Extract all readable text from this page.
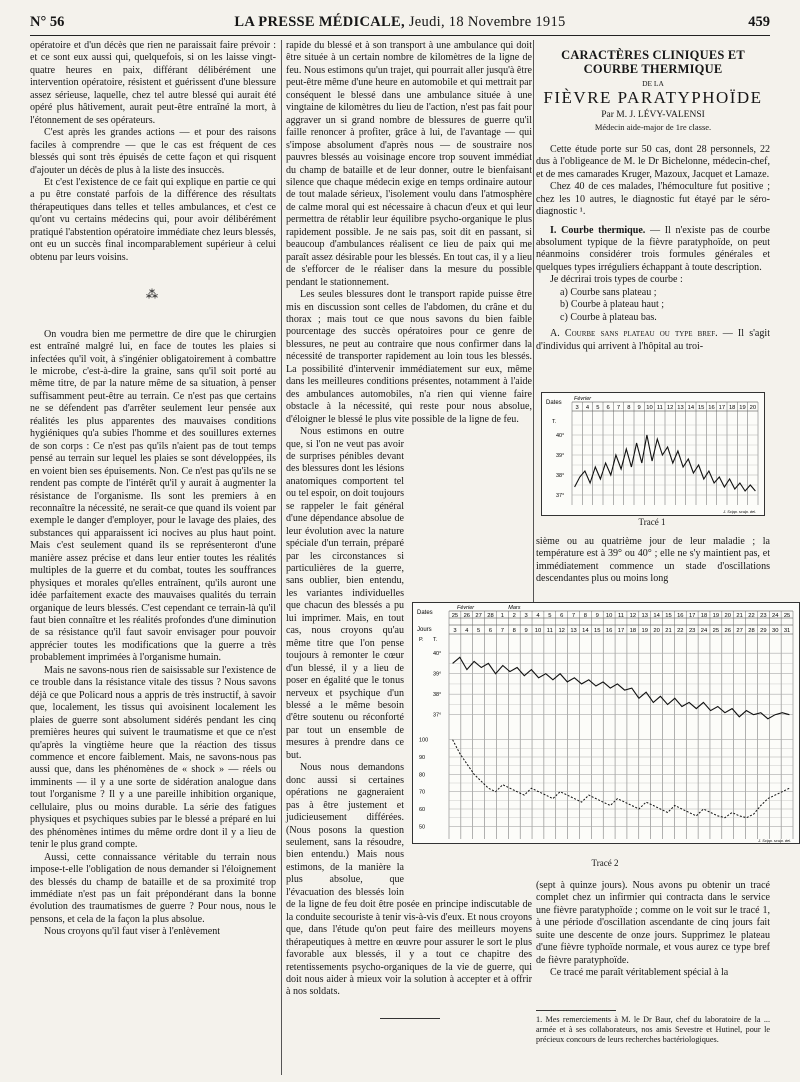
N° 56	LA PRESSE MÉDICALE, Jeudi, 18 Novembre 1915	459

opératoire et d'un décès que rien ne paraissait faire prévoir : et ce sont eux aussi qui, quelquefois, si on les laisse vingt-quatre heures en paix, différant délibérément une intervention opératoire, résistent et guérissent d'une blessure assez sérieuse, laquelle, chez tel autre blessé qui aurait été opéré plus hâtivement, aurait peut-être entraîné la mort, à l'étonnement de ses opérateurs.

C'est après les grandes actions — et pour des raisons faciles à comprendre — que le cas est fréquent de ces blessés qui sont très épuisés de cette façon et qui risquent d'ajouter un décès de plus à la liste des insuccès.

Et c'est l'existence de ce fait qui explique en partie ce qui a pu être constaté parfois de la différence des résultats thérapeutiques dans telles et telles ambulances, et c'est ce qu'ont vu certains médecins qui, pour avoir délibérément pratiqué l'abstention opératoire immédiate chez leurs blessés, ont eu un succès final incomparablement supérieur à celui obtenu par leurs voisins.

⁂

On voudra bien me permettre de dire que le chirurgien est entraîné malgré lui, en face de toutes les plaies si infectées qu'il voit, à s'ingénier obligatoirement à combattre le microbe, c'est-à-dire la graine, sans qu'il soit porté au même titre, de par la nature même de sa situation, à penser suffisamment peut-être au terrain. Ce n'est pas que certains ne se défendent pas d'arrêter seulement leur pensée aux réalités les plus apparentes des mauvaises conditions hygiéniques qu'a subies l'homme et des souillures externes de son corps : Ce n'est pas qu'ils n'aient pas de tout temps pensé au terrain sur lequel les plaies se sont développées, ils en voient bien ses épuisements. Non. Ce n'est pas qu'ils ne se rendent pas compte de l'intérêt qu'il y aurait à augmenter la résistance de l'organisme. Ils sont les premiers à en reconnaître la nécessité, ne serait-ce que quand ils voient par exemple le danger d'employer, pour le lavage des plaies, des substances qui apparaissent ici nocives au plus haut point. Mais c'est seulement quand ils se représenteront d'une manière assez précise et dans leur entier toutes les réalités multiples de la guerre et du combat, toutes les souffrances physiques et morales qu'elles entraînent, qu'ils auront une idée parfaitement exacte des mauvaises qualités du terrain organique de leurs blessés. C'est cependant ce terrain-là qu'il faut bien connaître et les réalités profondes d'une diminution de sa résistance qu'il faut savoir envisager pour pouvoir apprécier toutes les modifications que la guerre a très probablement imprimées à l'organisme humain.

Mais ne savons-nous rien de saisissable sur l'existence de ce trouble dans la résistance vitale des tissus ? Nous savons déjà ce que Policard nous a appris de très instructif, à savoir que, localement, les tissus qui avoisinent localement les plaies de guerre sont absolument sidérés pendant les cinq premières heures qui suivent le traumatisme et que ce n'est qu'après la vingtième heure que la réaction des tissus commence et encore faiblement. Mais, ne savons-nous pas aussi que, dans les phénomènes de « shock » — réels ou imminents — il y a une sorte de sidération analogue dans tout l'organisme ? Il y a une pareille inhibition organique, cellulaire, plus ou moins durable. La série des fatigues physiques et psychiques subies par le blessé a préparé en lui des phénomènes intimes du même ordre dont il y a lieu de tenir le plus grand compte.

Aussi, cette connaissance véritable du terrain nous impose-t-elle l'obligation de nous demander si l'éloignement des blessés du champ de bataille et de sa proximité trop immédiate n'est pas un fait prépondérant dans la bonne évolution des traumatismes de guerre ? Pour nous, nous le pensons, et cela de la façon la plus absolue.

Nous croyons qu'il faut viser à l'enlèvement

rapide du blessé et à son transport à une ambulance qui doit être située à un certain nombre de kilomètres de la ligne de feu. Nous estimons qu'un trajet, qui pourrait aller jusqu'à être peut-être même d'une heure en automobile et qui mettrait par conséquent le blessé dans une ambulance située à une vingtaine de kilomètres du lieu de l'action, n'est pas fait pour aggraver un si grand nombre de blessures de guerre qu'il faille renoncer à profiter, grâce à lui, de l'avantage — qui s'impose absolument d'après nous — de soustraire nos pauvres blessés au voisinage encore trop souvent immédiat du champ de bataille et de leur donner, outre le bienfaisant silence que chaque médecin exige en temps ordinaire autour de tout malade sérieux, l'isolement voulu dans l'atmosphère de calme moral qui est nécessaire à chacun d'eux et qui leur permettra de rétablir leur équilibre psycho-organique le plus rapidement possible. Je ne sais pas, soit dit en passant, si beaucoup d'ambulances réalisent ce lieu de paix qui me paraît assez désirable pour les blessés. En tout cas, il y a lieu de s'efforcer de le réaliser dans la mesure du possible pendant le stationnement.

Les seules blessures dont le transport rapide puisse être mis en discussion sont celles de l'abdomen, du crâne et du thorax ; mais tout ce que nous savons du bien faible pourcentage des succès opératoires pour ce genre de blessures, ne peut au contraire que nous confirmer dans la nécessité de transporter rapidement au loin tous les blessés. La possibilité d'intervenir immédiatement sur eux, même dans les meilleures conditions présentes, notamment à l'aide des ambulances automobiles, n'a rien qui vienne faire obstacle à la nécessité, qui reste pour nous absolue, d'éloigner le blessé le plus vite possible de la ligne de feu.

Nous estimons en outre que, si l'on ne veut pas avoir de surprises pénibles devant des blessures dont les lésions anatomiques comportent tel ou tel espoir, on doit toujours se rappeler le fait général d'une dépendance absolue de leur évolution avec la nature spéciale d'un terrain, préparé par les circonstances si particulières de la guerre, sans oublier, bien entendu, les variantes individuelles que chacun des blessés a pu lui imprimer. Mais, en tout cas, nous croyons qu'au même titre que l'on pense toujours à remonter le cœur d'un blessé, il y a lieu de poser en égalité que le tonus nerveux et psychique d'un blessé a le même besoin d'être soutenu ou réconforté par tout un ensemble de mesures à prendre dans ce but.

Nous nous demandons donc aussi si certaines opérations ne gagneraient pas à être justement et judicieusement différées. (Nous posons la question seulement, sans la résoudre, bien entendu.) Mais nous estimons, de la manière la plus absolue, que l'évacuation des blessés loin de la ligne de feu doit être posée en principe indiscutable de la conduite secouriste à tenir vis-à-vis d'eux. Et nous croyons que, dans l'étude qu'on peut faire des meilleurs moyens thérapeutiques à mettre en œuvre pour assurer le sort le plus favorable aux blessés, il y a tout ce chapitre des retentissements psycho-organiques de la vie de guerre, qui doit nous aider à mieux voir la solution à accepter et à offrir à nos soldats.

CARACTÈRES CLINIQUES ET COURBE THERMIQUE
DE LA
FIÈVRE PARATYPHOÏDE
Par M. J. LÉVY-VALENSI
Médecin aide-major de 1re classe.

Cette étude porte sur 50 cas, dont 28 personnels, 22 dus à l'obligeance de M. le Dr Bichelonne, médecin-chef, et de mes camarades Kruger, Mazoux, Jacquet et Lamaze.

Chez 40 de ces malades, l'hémoculture fut positive ; chez les 10 autres, le diagnostic fut étayé par le séro-diagnostic ¹.

I. Courbe thermique. — Il n'existe pas de courbe absolument typique de la fièvre paratyphoïde, on peut néanmoins considérer trois formules générales et quelques types irréguliers échappant à toute description.

Je décrirai trois types de courbe :

a) Courbe sans plateau ;

b) Courbe à plateau haut ;

c) Courbe à plateau bas.

A. Courbe sans plateau ou type bref. — Il s'agit d'individus qui arrivent à l'hôpital au troi-

Dates
Février
3 4 5 6 7 8 9 10 11 12 13 14 15 16 17 18 19 20
T.
40°
39°
38°
37°
J. Scipp. sculp. del.
Tracé 1

sième ou au quatrième jour de leur maladie ; la température est à 39° ou 40° ; elle ne s'y maintient pas, et immédiatement commence un stade d'oscillations descendantes plus ou moins long

Dates
Jours
Février	Mars
25
3
26
4
27
5
28
6
1
7
2
8
3
9
4
10
5
11
6
12
7
13
8
14
9
15
10
16
11
17
12
18
13
19
14
20
15
21
16
22
17
23
18
24
19
25
20
26
21
27
22
28
23
29
24
30
25
31
P. T.
40°
39°
38°
37°
100
90
80
70
60
50
J. Scipp. sculp. del.
Tracé 2

(sept à quinze jours). Nous avons pu obtenir un tracé complet chez un infirmier qui contracta dans le service une fièvre paratyphoïde ; comme on le voit sur le tracé 1, à une période d'oscillation ascendante de cinq jours fait suite une descente de onze jours. Supprimez le plateau d'une fièvre typhoïde normale, et vous aurez ce type bref de fièvre paratyphoïde.

Ce tracé me paraît véritablement spécial à la

1. Mes remerciements à M. le Dr Baur, chef du laboratoire de la ... armée et à ses collaborateurs, nos amis Sevestre et Hutinel, pour le précieux concours de leurs recherches bactériologiques.
